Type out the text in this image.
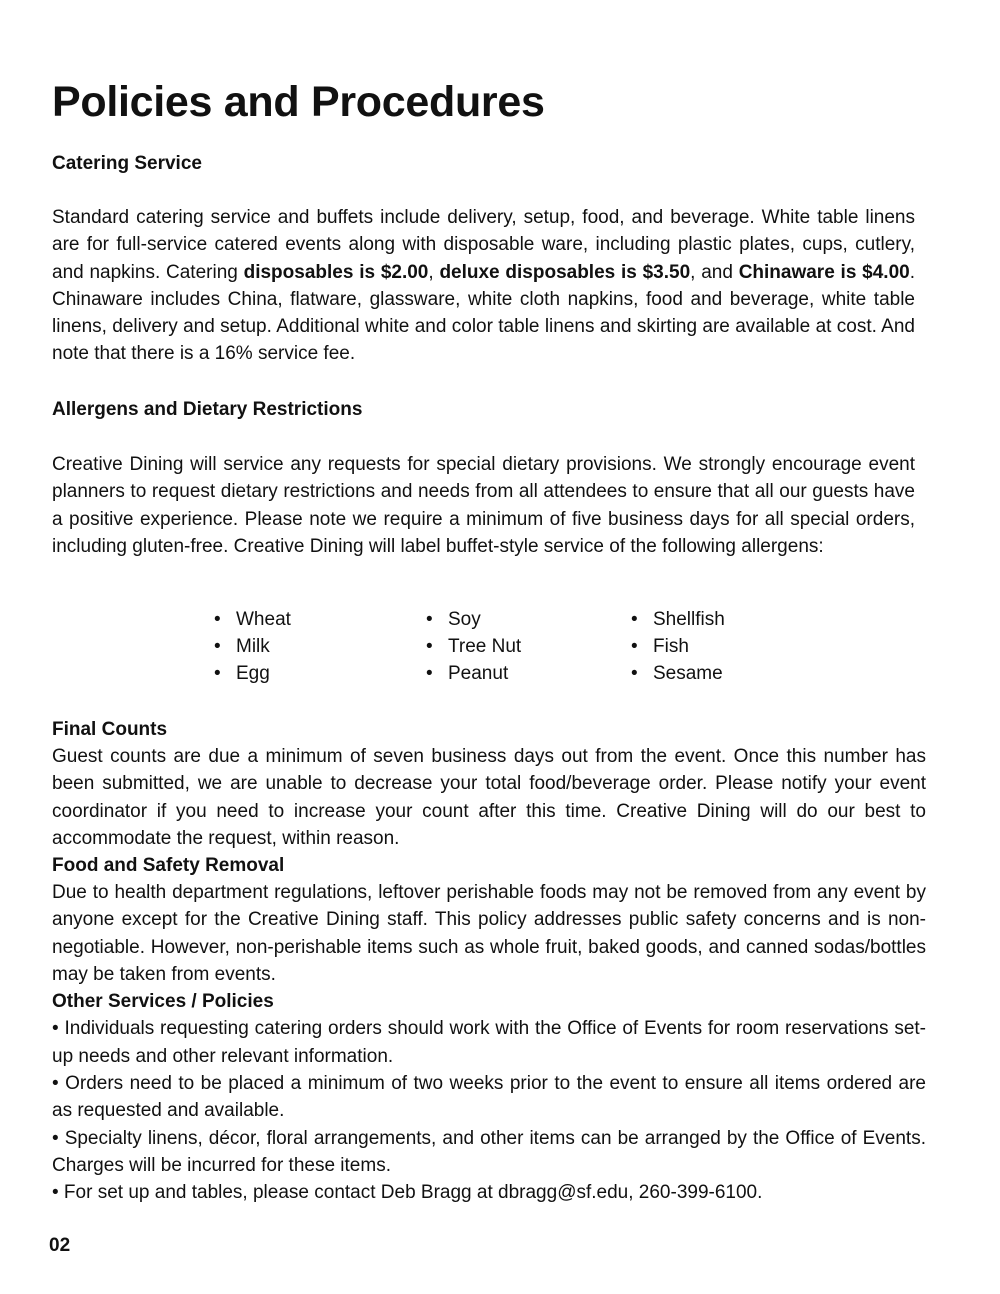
Policies and Procedures

Catering Service

Standard catering service and buffets include delivery, setup, food, and beverage. White table linens are for full-service catered events along with disposable ware, including plastic plates, cups, cutlery, and napkins. Catering disposables is $2.00, deluxe disposables is $3.50, and Chinaware is $4.00. Chinaware includes China, flatware, glassware, white cloth napkins, food and beverage, white table linens, delivery and setup. Additional white and color table linens and skirting are available at cost. And note that there is a 16% service fee.

Allergens and Dietary Restrictions

Creative Dining will service any requests for special dietary provisions. We strongly encourage event planners to request dietary restrictions and needs from all attendees to ensure that all our guests have a positive experience. Please note we require a minimum of five business days for all special orders, including gluten-free. Creative Dining will label buffet-style service of the following allergens:

• Wheat
• Milk
• Egg
• Soy
• Tree Nut
• Peanut
• Shellfish
• Fish
• Sesame

Final Counts

Guest counts are due a minimum of seven business days out from the event. Once this number has been submitted, we are unable to decrease your total food/beverage order. Please notify your event coordinator if you need to increase your count after this time. Creative Dining will do our best to accommodate the request, within reason.

Food and Safety Removal

Due to health department regulations, leftover perishable foods may not be removed from any event by anyone except for the Creative Dining staff. This policy addresses public safety concerns and is non-negotiable. However, non-perishable items such as whole fruit, baked goods, and canned sodas/bottles may be taken from events.

Other Services / Policies

• Individuals requesting catering orders should work with the Office of Events for room reservations set-up needs and other relevant information.

• Orders need to be placed a minimum of two weeks prior to the event to ensure all items ordered are as requested and available.

• Specialty linens, décor, floral arrangements, and other items can be arranged by the Office of Events. Charges will be incurred for these items.

• For set up and tables, please contact Deb Bragg at dbragg@sf.edu, 260-399-6100.

02
